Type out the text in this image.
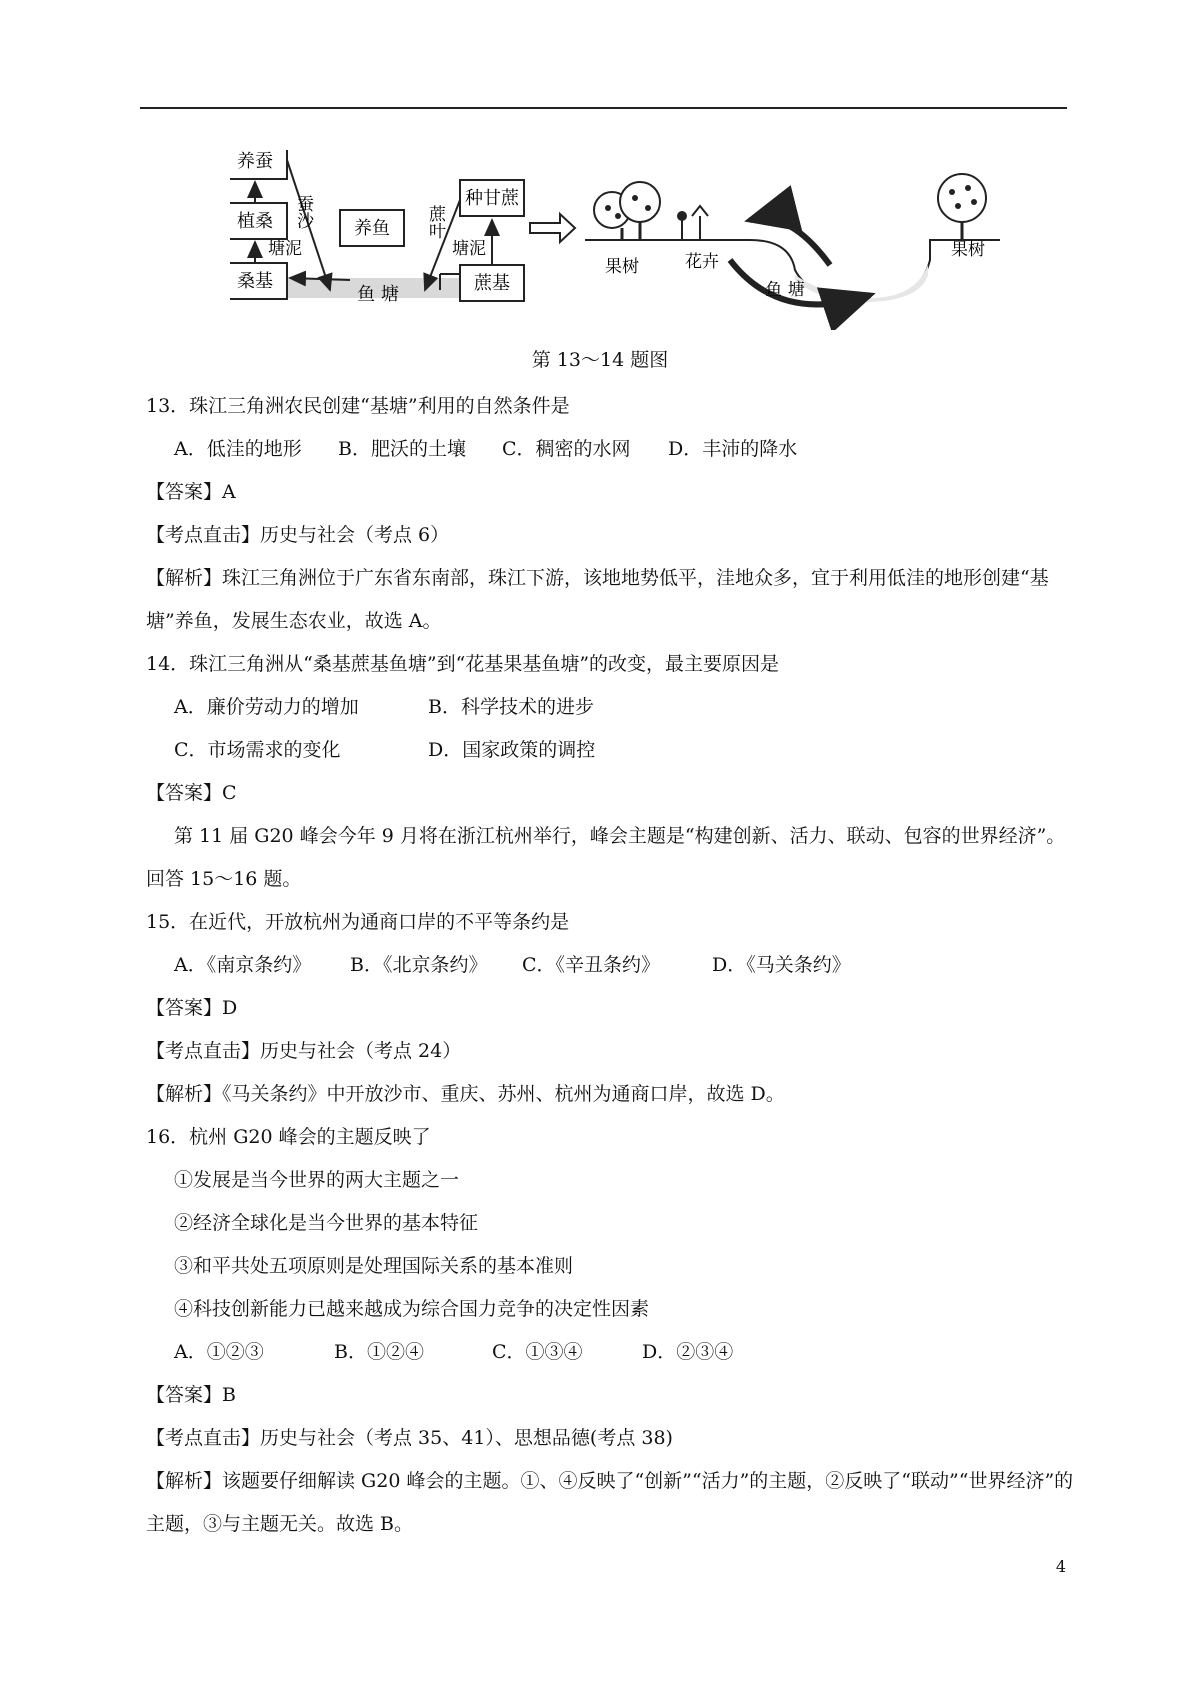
养蚕
植桑
桑基
养鱼
种甘蔗
蔗基
蚕沙
塘泥
蔗叶
塘泥
鱼 塘
果树	花卉
鱼 塘
果树
第 13～14 题图
13．珠江三角洲农民创建“基塘”利用的自然条件是
A．低洼的地形 B．肥沃的土壤 C．稠密的水网 D．丰沛的降水
【答案】A
【考点直击】历史与社会（考点 6）
【解析】珠江三角洲位于广东省东南部，珠江下游，该地地势低平，洼地众多，宜于利用低洼的地形创建“基塘”养鱼，发展生态农业，故选 A。
14．珠江三角洲从“桑基蔗基鱼塘”到“花基果基鱼塘”的改变，最主要原因是
A．廉价劳动力的增加	B．科学技术的进步
C．市场需求的变化	D．国家政策的调控
【答案】C
第 11 届 G20 峰会今年 9 月将在浙江杭州举行，峰会主题是“构建创新、活力、联动、包容的世界经济”。回答 15～16 题。
15．在近代，开放杭州为通商口岸的不平等条约是
A．《南京条约》 B．《北京条约》 C．《辛丑条约》	D．《马关条约》
【答案】D
【考点直击】历史与社会（考点 24）
【解析】《马关条约》中开放沙市、重庆、苏州、杭州为通商口岸，故选 D。
16．杭州 G20 峰会的主题反映了
①发展是当今世界的两大主题之一
②经济全球化是当今世界的基本特征
③和平共处五项原则是处理国际关系的基本准则
④科技创新能力已越来越成为综合国力竞争的决定性因素
A．①②③	B．①②④	C．①③④	D．②③④
【答案】B
【考点直击】历史与社会（考点 35、41）、思想品德(考点 38)
【解析】该题要仔细解读 G20 峰会的主题。①、④反映了“创新”“活力”的主题，②反映了“联动”“世界经济”的主题，③与主题无关。故选 B。
4
